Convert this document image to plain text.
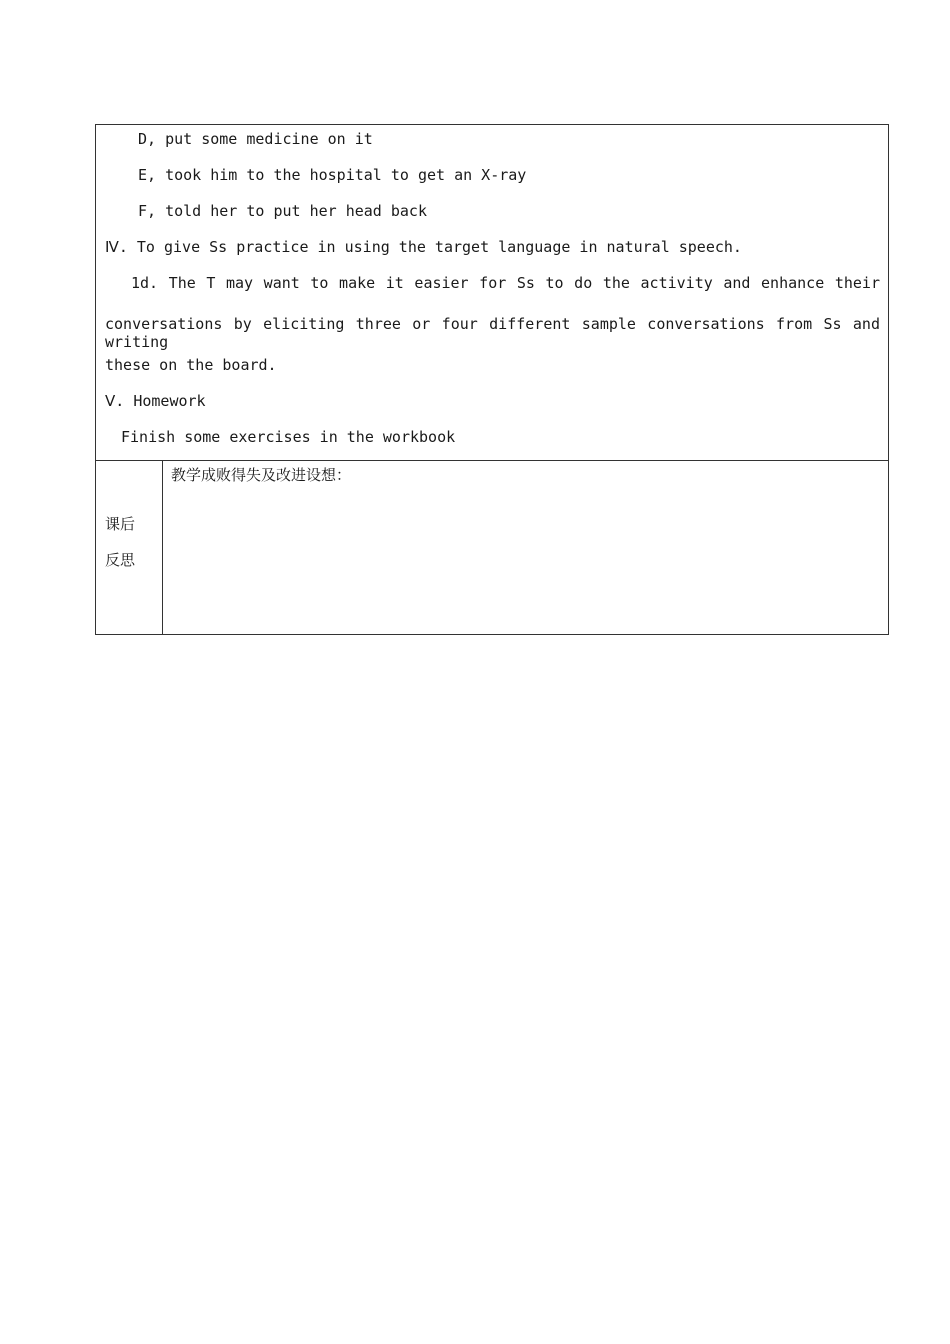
D, put some medicine on it
E, took him to the hospital to get an X-ray
F, told her to put her head back
Ⅳ. To give Ss practice in using the target language in natural speech.
1d. The T may want to make it easier for Ss to do the activity and enhance their
conversations by eliciting three or four different sample conversations from Ss and writing
these on the board.
Ⅴ. Homework
Finish some exercises in the workbook
课后
反思
教学成败得失及改进设想：
